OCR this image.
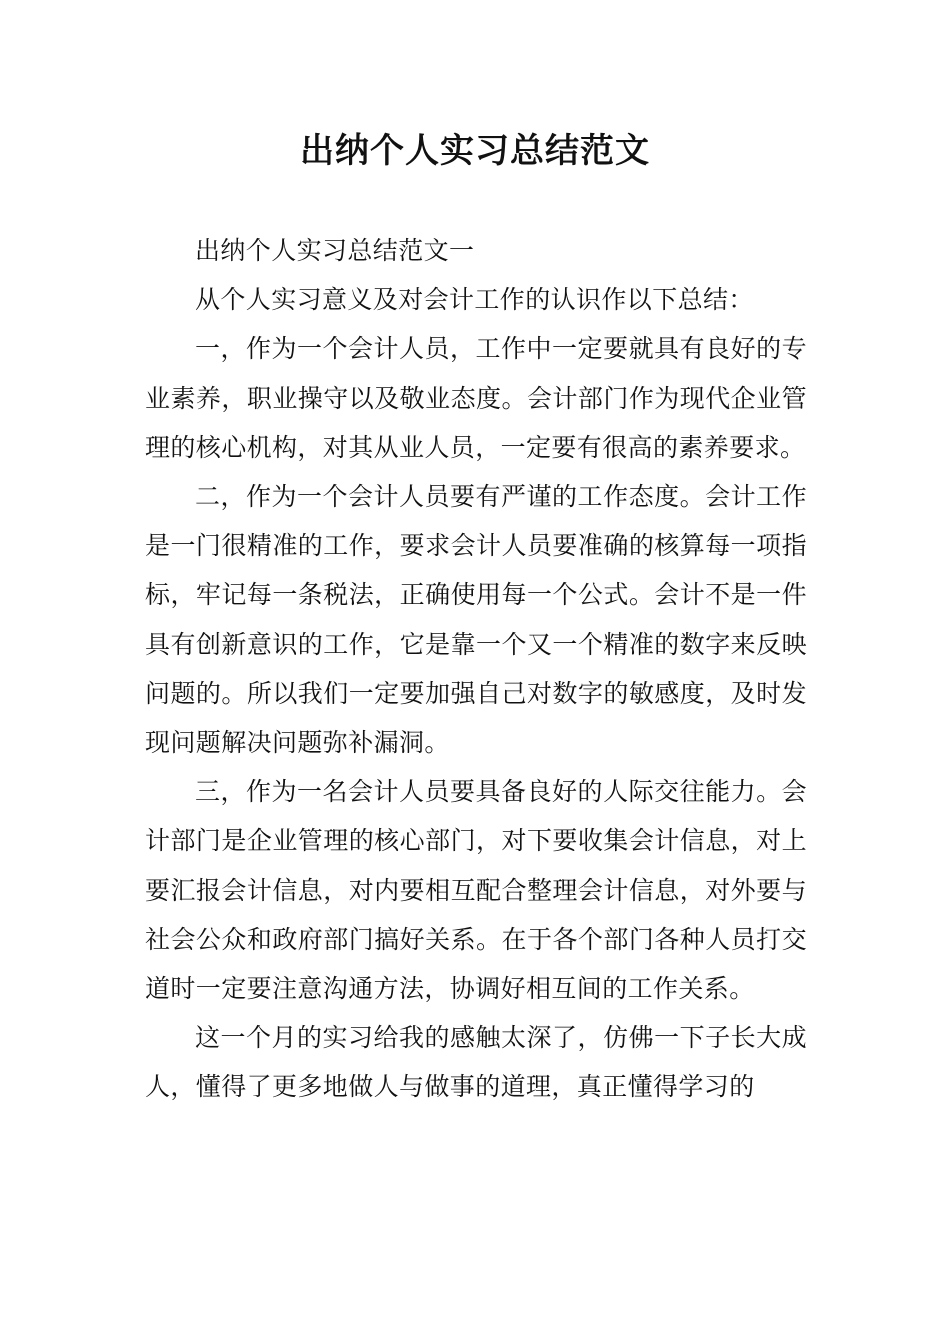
出纳个人实习总结范文

出纳个人实习总结范文一

从个人实习意义及对会计工作的认识作以下总结：

一，作为一个会计人员，工作中一定要就具有良好的专业素养，职业操守以及敬业态度。会计部门作为现代企业管理的核心机构，对其从业人员，一定要有很高的素养要求。

二，作为一个会计人员要有严谨的工作态度。会计工作是一门很精准的工作，要求会计人员要准确的核算每一项指标，牢记每一条税法，正确使用每一个公式。会计不是一件具有创新意识的工作，它是靠一个又一个精准的数字来反映问题的。所以我们一定要加强自己对数字的敏感度，及时发现问题解决问题弥补漏洞。

三，作为一名会计人员要具备良好的人际交往能力。会计部门是企业管理的核心部门，对下要收集会计信息，对上要汇报会计信息，对内要相互配合整理会计信息，对外要与社会公众和政府部门搞好关系。在于各个部门各种人员打交道时一定要注意沟通方法，协调好相互间的工作关系。

这一个月的实习给我的感触太深了，仿佛一下子长大成人，懂得了更多地做人与做事的道理，真正懂得学习的
